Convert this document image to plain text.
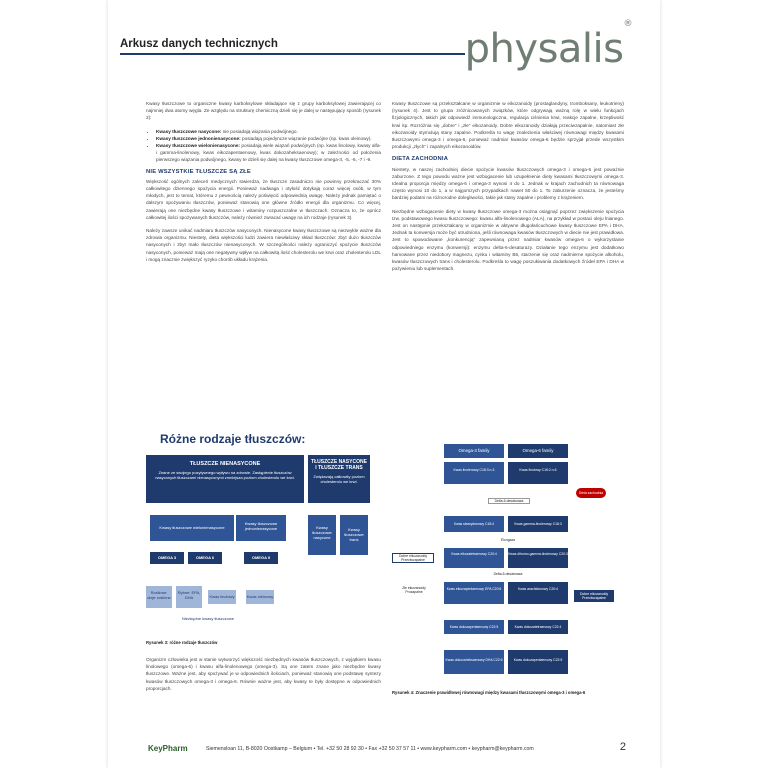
Arkusz danych technicznych	physalis®

Kwasy tłuszczowe to organiczne kwasy karboksylowe składające się z grupy karboksylowej zawierającej co najmniej dwa atomy węgla. Ze względu na strukturę chemiczną dzieli się je dalej w następujący sposób (rysunek 2):

• Kwasy tłuszczowe nasycone: nie posiadają wiązania podwójnego.
• Kwasy tłuszczowe jednonienasycone: posiadają pojedyncze wiązanie podwójne (np. kwas oleinowy).
• Kwasy tłuszczowe wielonienasycone: posiadają wiele wiązań podwójnych (np. kwas linolowy, kwasy alfa- i gamma-linolenowy, kwas eikozapentaenowy, kwas dokozaheksaenowy); w zależności od położenia pierwszego wiązania podwójnego, kwasy te dzieli się dalej na kwasy tłuszczowe omega-3, -5, -6, -7 i -9.
NIE WSZYSTKIE TŁUSZCZE SĄ ZŁE

Większość ogólnych zaleceń medycznych stwierdza, że tłuszcze zasadniczo nie powinny przekraczać 30% całkowitego dziennego spożycia energii. Ponieważ nadwaga i otyłość dotykają coraz więcej osób, w tym młodych, jest to temat, któremu z pewnością należy poświęcić odpowiednią uwagę. Należy jednak pamiętać o dalszym spożywaniu tłuszczów, ponieważ stanowią one główne źródło energii dla organizmu. Co więcej, zawierają one niezbędne kwasy tłuszczowe i witaminy rozpuszczalne w tłuszczach. Oznacza to, że oprócz całkowitej ilości spożywanych tłuszczów, należy również zwracać uwagę na ich rodzaje (rysunek 3).

Należy zawsze unikać nadmiaru tłuszczów nasyconych. Nienasycone kwasy tłuszczowe są niezwykle ważne dla zdrowia organizmu. Niestety, dieta większości ludzi zawiera niewłaściwy skład tłuszczów: zbyt dużo tłuszczów nasyconych i zbyt mało tłuszczów nienasyconych. W szczególności należy ograniczyć spożycie tłuszczów nasyconych, ponieważ mają one negatywny wpływ na całkowitą ilość cholesterolu we krwi oraz cholesterolu LDL i mogą znacznie zwiększyć ryzyko chorób układu krążenia.

Kwasy tłuszczowe są przekształcane w organizmie w eikozanoidy (prostaglandyny, tromboksany, leukotrieny) (rysunek 4). Jest to grupa zróżnicowanych związków, które odgrywają ważną rolę w wielu funkcjach fizjologicznych, takich jak odpowiedź immunologiczna, regulacja ciśnienia krwi, reakcje zapalne, krzepliwość krwi itp. Rozróżnia się „dobre” i „złe” eikozanoidy. Dobre eikozanoidy działają przeciwzapalnie, natomiast złe eikozanoidy stymulują stany zapalne. Podkreśla to wagę znalezienia właściwej równowagi między kwasami tłuszczowymi omega-3 i omega-6, ponieważ nadmiar kwasów omega-6 będzie sprzyjał przede wszystkim produkcji „złych” i zapalnych eikozanoidów.

DIETA ZACHODNIA

Niestety, w naszej zachodniej diecie spożycie kwasów tłuszczowych omega-3 i omega-6 jest poważnie zaburzone. Z tego powodu ważne jest wzbogacenie lub uzupełnienie diety kwasami tłuszczowymi omega-3. Idealna proporcja między omega-6 i omega-3 wynosi 4 do 1. Jednak w krajach zachodnich ta równowaga często wynosi 10 do 1, a w najgorszych przypadkach nawet 50 do 1. To zaburzenie oznacza, że jesteśmy bardziej podatni na różnorodne dolegliwości, takie jak stany zapalne i problemy z krążeniem.

Niezbędne wzbogacenie diety w kwasy tłuszczowe omega-3 można osiągnąć poprzez zwiększenie spożycia tzw. podstawowego kwasu tłuszczowego: kwasu alfa-linolenowego (ALA), na przykład w postaci oleju lnianego. Jest on następnie przekształcany w organizmie w aktywne długołańcuchowe kwasy tłuszczowe EPA i DHA. Jednak ta konwersja może być utrudniona, jeśli równowaga kwasów tłuszczowych w diecie nie jest prawidłowa. Jest to spowodowane „konkurencją” zapewnianą przez nadmiar kwasów omega-6 o wykorzystanie odpowiedniego enzymu (konwersji): enzymu delta-6-desaturazy. Działanie tego enzymu jest dodatkowo hamowane przez niedobory magnezu, cynku i witaminy B6, starzenie się oraz nadmierne spożycie alkoholu, kwasów tłuszczowych trans i cholesterolu. Podkreśla to wagę poszukiwania dodatkowych źródeł EPA i DHA w pożywieniu lub suplementach.

Różne rodzaje tłuszczów:
TŁUSZCZE NIENASYCONE
Znane ze swojego pozytywnego wpływu na zdrowie. Zastąpienie tłuszczów nasyconych tłuszczami nienasyconymi zmniejsza poziom cholesterolu we krwi.
TŁUSZCZE NASYCONE I TŁUSZCZE TRANS
Zwiększają całkowity poziom cholesterolu we krwi.
Kwasy tłuszczowe wielonienasycone
Kwasy tłuszczowe jednonienasycone	Kwasy tłuszczowe nasycone
Kwasy tłuszczowe trans
OMEGA 3	OMEGA 6	OMEGA 9
Roślinne: oleje roślinne
Rybne: EPA, DHA	Kwas linolowy	Kwas oleinowy
Niezbędne kwasy tłuszczowe
Rysunek 3: różne rodzaje tłuszczów

Organizm człowieka jest w stanie wytworzyć większość niezbędnych kwasów tłuszczowych, z wyjątkiem kwasu linolowego (omega-6) i kwasu alfa-linolenowego (omega-3). Są one zatem znane jako niezbędne kwasy tłuszczowe. Ważne jest, aby spożywać je w odpowiednich ilościach, ponieważ stanowią one podstawę syntezy kwasów tłuszczowych omega-3 i omega-6. Równie ważne jest, aby kwasy te były dostępne w odpowiednich proporcjach.

Omega-3 family	Omega-6 family
Kwas linolenowy C18:3 n-3	Kwas linolowy C18:2 n-6
Delta-6-desaturaza
Dieta zachodnia
Kwas stearydonowy C18:4	Kwas gamma-linolenowy C18:3
Elongaza
Kwas eikozatetraenowy C20:4	Kwas dihomo-gamma-linolenowy C20:3
Dobre eikozanoidy Przeciwzapalne
Delta-5-desaturaza
Kwas eikozapentaenowy EPA C20:5	Kwas arachidonowy C20:4
Złe eikozanoidy Prozapalne	Dobre eikozanoidy Przeciwzapalne
Kwas dokozapentaenowy C22:5	Kwas dokozatetraenowy C22:4
Kwas dokozaheksaenowy DHA C22:6	Kwas dokozapentaenowy C22:5
Rysunek 4: Znaczenie prawidłowej równowagi między kwasami tłuszczowymi omega-3 i omega-6
KeyPharm	Siemensloan 11, B-8020 Oostkamp – Belgium • Tel. +32 50 28 92 30 • Fax +32 50 37 57 11 • www.keypharm.com • keypharm@keypharm.com	2
